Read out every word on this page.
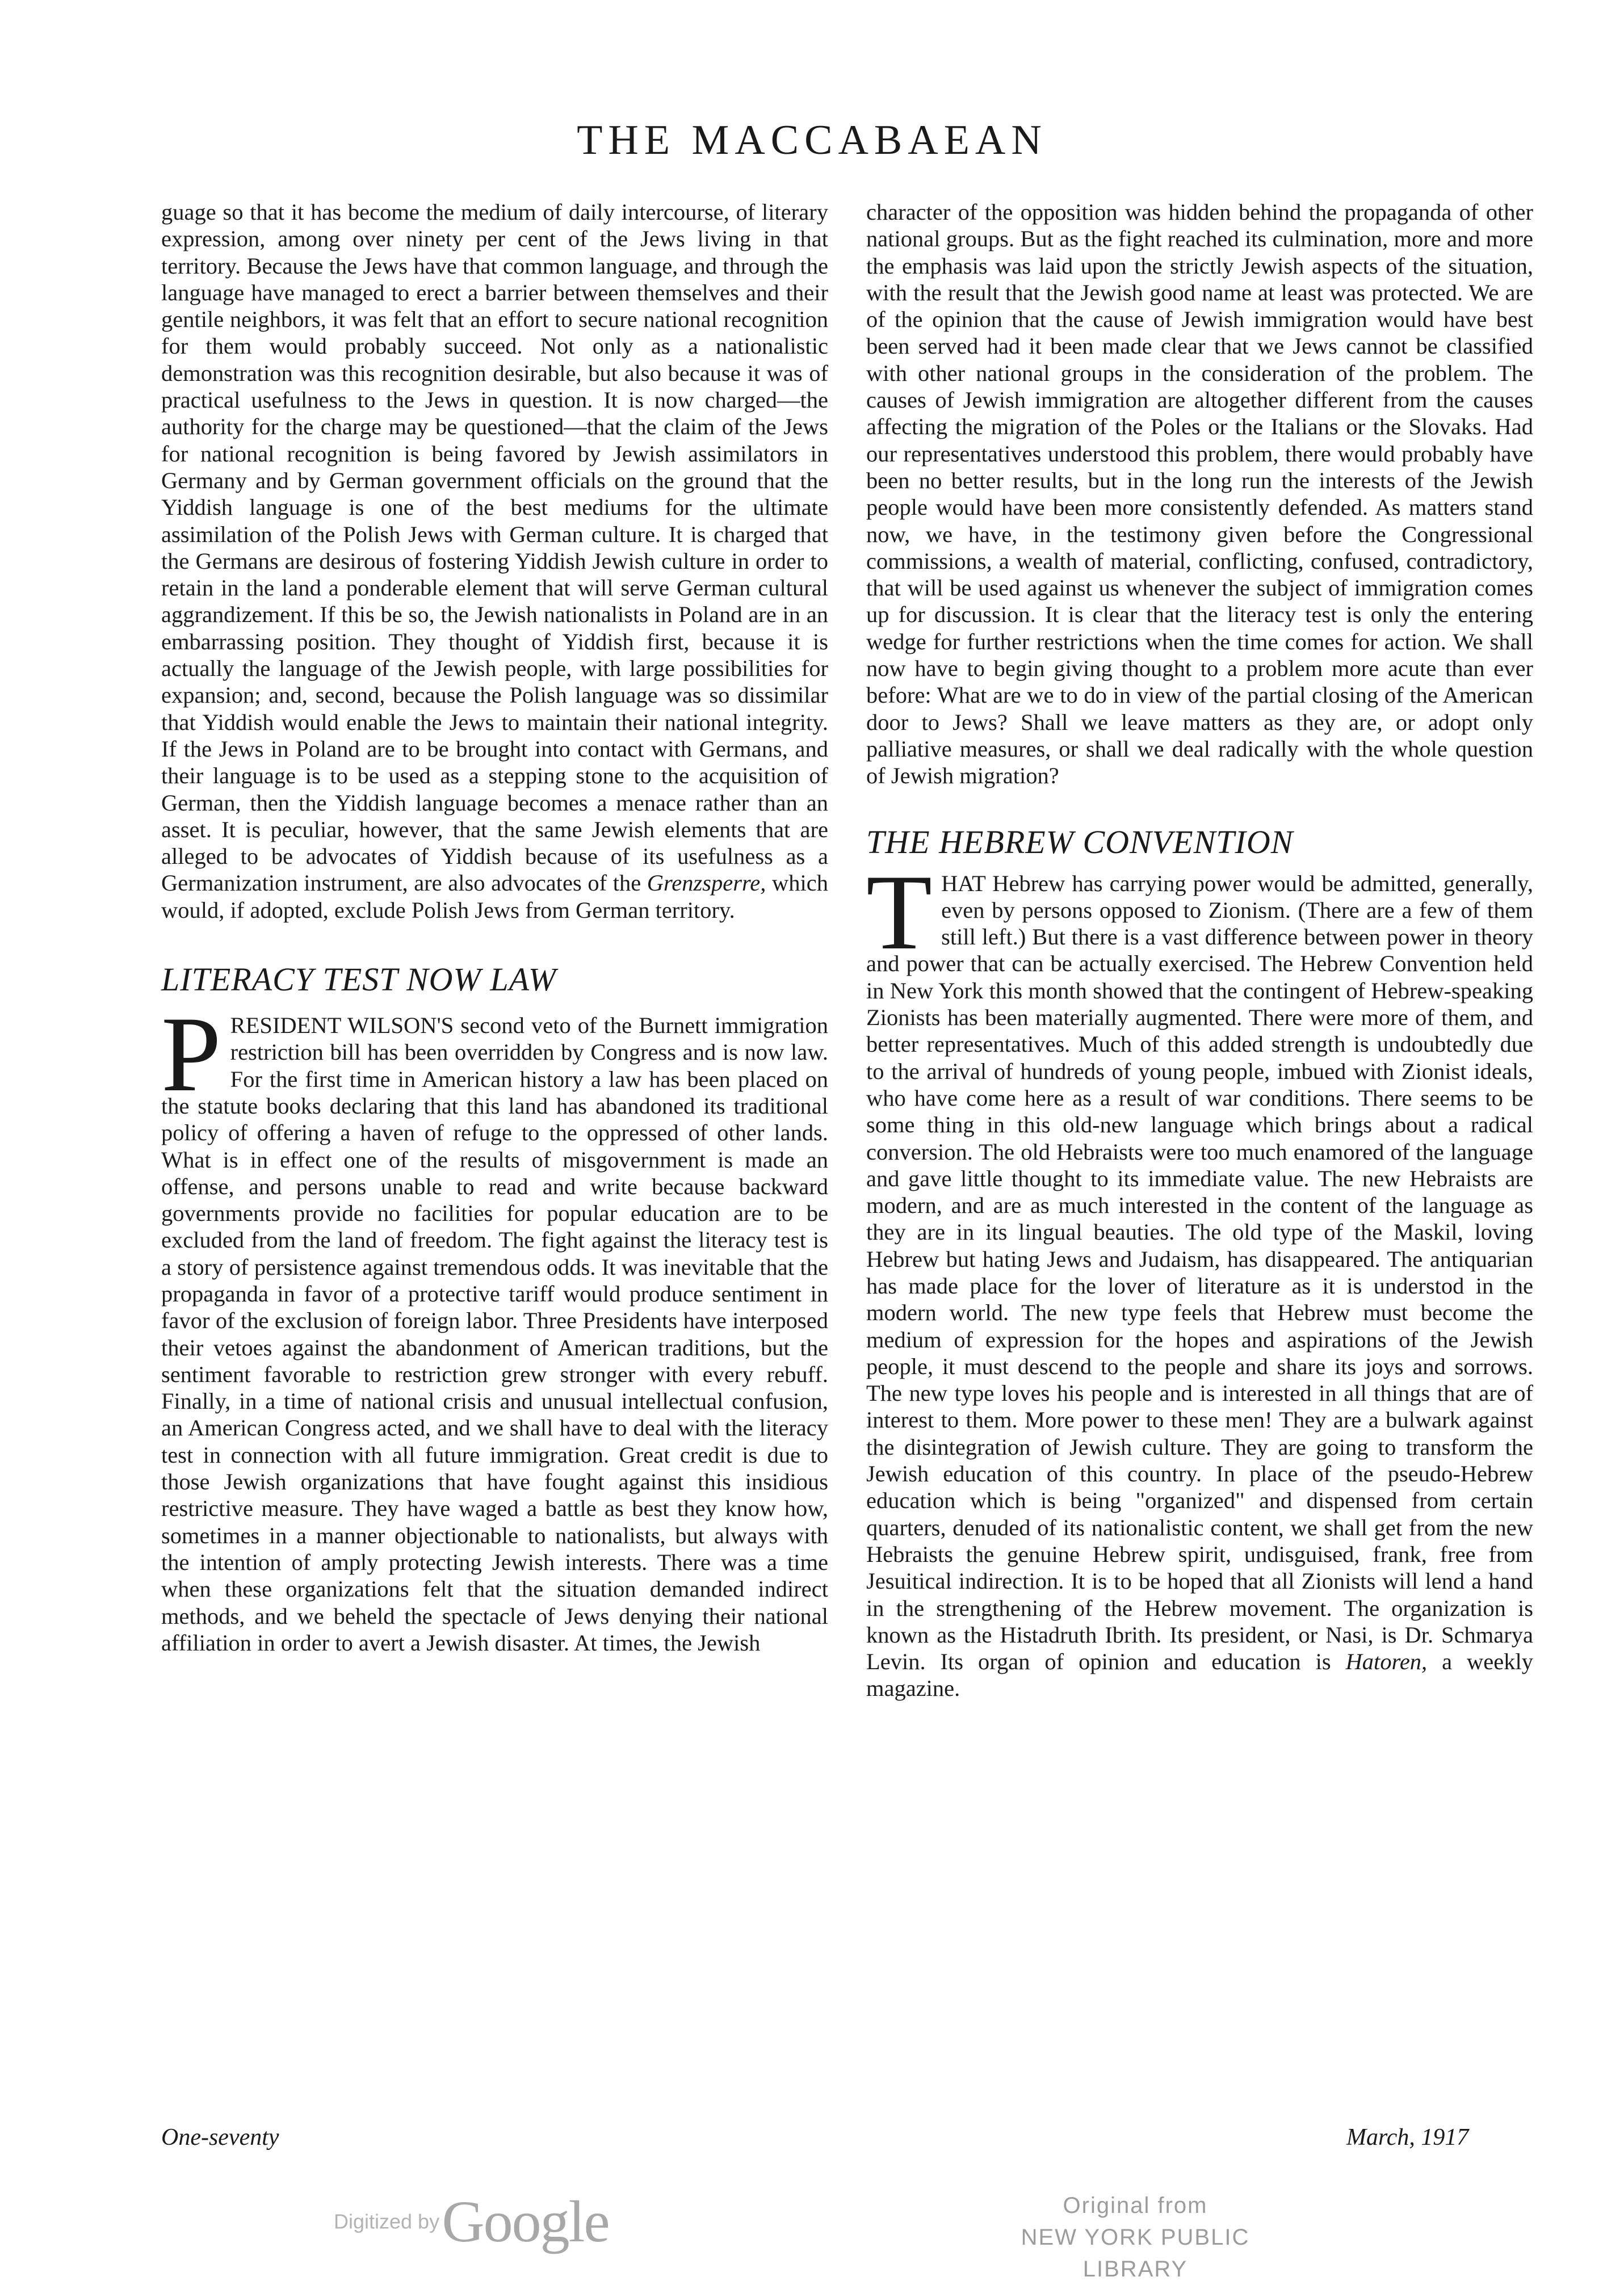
THE MACCABAEAN

guage so that it has become the medium of daily intercourse, of literary expression, among over ninety per cent of the Jews living in that territory. Because the Jews have that common language, and through the language have managed to erect a barrier between themselves and their gentile neighbors, it was felt that an effort to secure national recognition for them would probably succeed. Not only as a nationalistic demonstration was this recognition desirable, but also because it was of practical usefulness to the Jews in question. It is now charged—the authority for the charge may be questioned—that the claim of the Jews for national recognition is being favored by Jewish assimilators in Germany and by German government officials on the ground that the Yiddish language is one of the best mediums for the ultimate assimilation of the Polish Jews with German culture. It is charged that the Germans are desirous of fostering Yiddish Jewish culture in order to retain in the land a ponderable element that will serve German cultural aggrandizement. If this be so, the Jewish nationalists in Poland are in an embarrassing position. They thought of Yiddish first, because it is actually the language of the Jewish people, with large possibilities for expansion; and, second, because the Polish language was so dissimilar that Yiddish would enable the Jews to maintain their national integrity. If the Jews in Poland are to be brought into contact with Germans, and their language is to be used as a stepping stone to the acquisition of German, then the Yiddish language becomes a menace rather than an asset. It is peculiar, however, that the same Jewish elements that are alleged to be advocates of Yiddish because of its usefulness as a Germanization instrument, are also advocates of the Grenzsperre, which would, if adopted, exclude Polish Jews from German territory.

LITERACY TEST NOW LAW

PRESIDENT WILSON'S second veto of the Burnett immigration restriction bill has been overridden by Congress and is now law. For the first time in American history a law has been placed on the statute books declaring that this land has abandoned its traditional policy of offering a haven of refuge to the oppressed of other lands. What is in effect one of the results of misgovernment is made an offense, and persons unable to read and write because backward governments provide no facilities for popular education are to be excluded from the land of freedom. The fight against the literacy test is a story of persistence against tremendous odds. It was inevitable that the propaganda in favor of a protective tariff would produce sentiment in favor of the exclusion of foreign labor. Three Presidents have interposed their vetoes against the abandonment of American traditions, but the sentiment favorable to restriction grew stronger with every rebuff. Finally, in a time of national crisis and unusual intellectual confusion, an American Congress acted, and we shall have to deal with the literacy test in connection with all future immigration. Great credit is due to those Jewish organizations that have fought against this insidious restrictive measure. They have waged a battle as best they know how, sometimes in a manner objectionable to nationalists, but always with the intention of amply protecting Jewish interests. There was a time when these organizations felt that the situation demanded indirect methods, and we beheld the spectacle of Jews denying their national affiliation in order to avert a Jewish disaster. At times, the Jewish

character of the opposition was hidden behind the propaganda of other national groups. But as the fight reached its culmination, more and more the emphasis was laid upon the strictly Jewish aspects of the situation, with the result that the Jewish good name at least was protected. We are of the opinion that the cause of Jewish immigration would have best been served had it been made clear that we Jews cannot be classified with other national groups in the consideration of the problem. The causes of Jewish immigration are altogether different from the causes affecting the migration of the Poles or the Italians or the Slovaks. Had our representatives understood this problem, there would probably have been no better results, but in the long run the interests of the Jewish people would have been more consistently defended. As matters stand now, we have, in the testimony given before the Congressional commissions, a wealth of material, conflicting, confused, contradictory, that will be used against us whenever the subject of immigration comes up for discussion. It is clear that the literacy test is only the entering wedge for further restrictions when the time comes for action. We shall now have to begin giving thought to a problem more acute than ever before: What are we to do in view of the partial closing of the American door to Jews? Shall we leave matters as they are, or adopt only palliative measures, or shall we deal radically with the whole question of Jewish migration?

THE HEBREW CONVENTION

THAT Hebrew has carrying power would be admitted, generally, even by persons opposed to Zionism. (There are a few of them still left.) But there is a vast difference between power in theory and power that can be actually exercised. The Hebrew Convention held in New York this month showed that the contingent of Hebrew-speaking Zionists has been materially augmented. There were more of them, and better representatives. Much of this added strength is undoubtedly due to the arrival of hundreds of young people, imbued with Zionist ideals, who have come here as a result of war conditions. There seems to be some thing in this old-new language which brings about a radical conversion. The old Hebraists were too much enamored of the language and gave little thought to its immediate value. The new Hebraists are modern, and are as much interested in the content of the language as they are in its lingual beauties. The old type of the Maskil, loving Hebrew but hating Jews and Judaism, has disappeared. The antiquarian has made place for the lover of literature as it is understod in the modern world. The new type feels that Hebrew must become the medium of expression for the hopes and aspirations of the Jewish people, it must descend to the people and share its joys and sorrows. The new type loves his people and is interested in all things that are of interest to them. More power to these men! They are a bulwark against the disintegration of Jewish culture. They are going to transform the Jewish education of this country. In place of the pseudo-Hebrew education which is being "organized" and dispensed from certain quarters, denuded of its nationalistic content, we shall get from the new Hebraists the genuine Hebrew spirit, undisguised, frank, free from Jesuitical indirection. It is to be hoped that all Zionists will lend a hand in the strengthening of the Hebrew movement. The organization is known as the Histadruth Ibrith. Its president, or Nasi, is Dr. Schmarya Levin. Its organ of opinion and education is Hatoren, a weekly magazine.

One-seventy	March, 1917
Digitized by Google	Original from
NEW YORK PUBLIC LIBRARY
